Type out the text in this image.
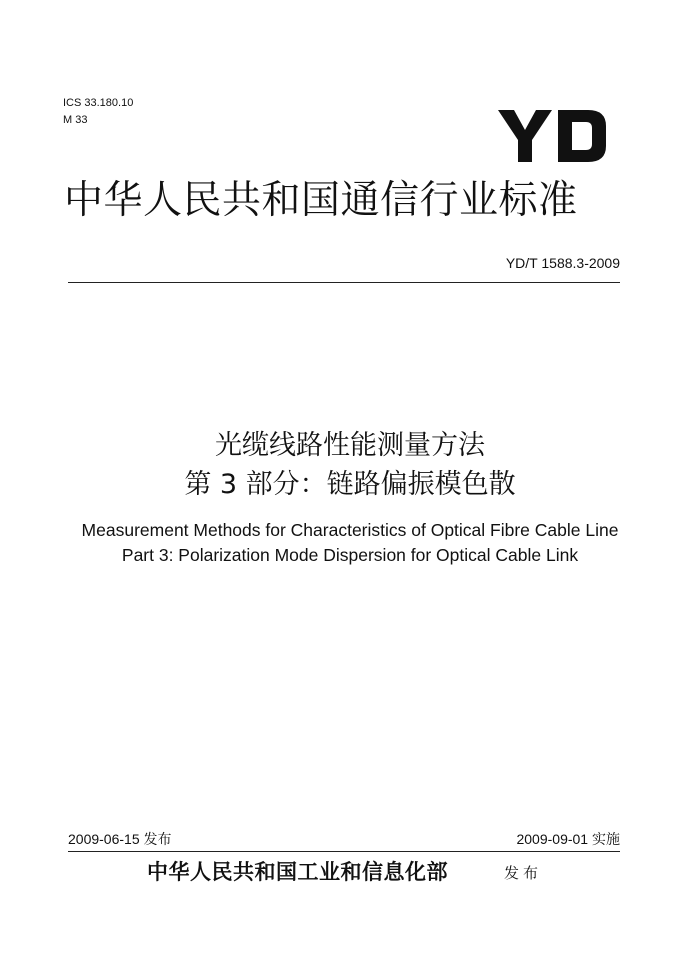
ICS 33.180.10
M 33
中华人民共和国通信行业标准
YD/T 1588.3-2009
光缆线路性能测量方法
第 3 部分：链路偏振模色散
Measurement Methods for Characteristics of Optical Fibre Cable Line
Part 3: Polarization Mode Dispersion for Optical Cable Link
2009-06-15 发布	2009-09-01 实施
中华人民共和国工业和信息化部	发布
